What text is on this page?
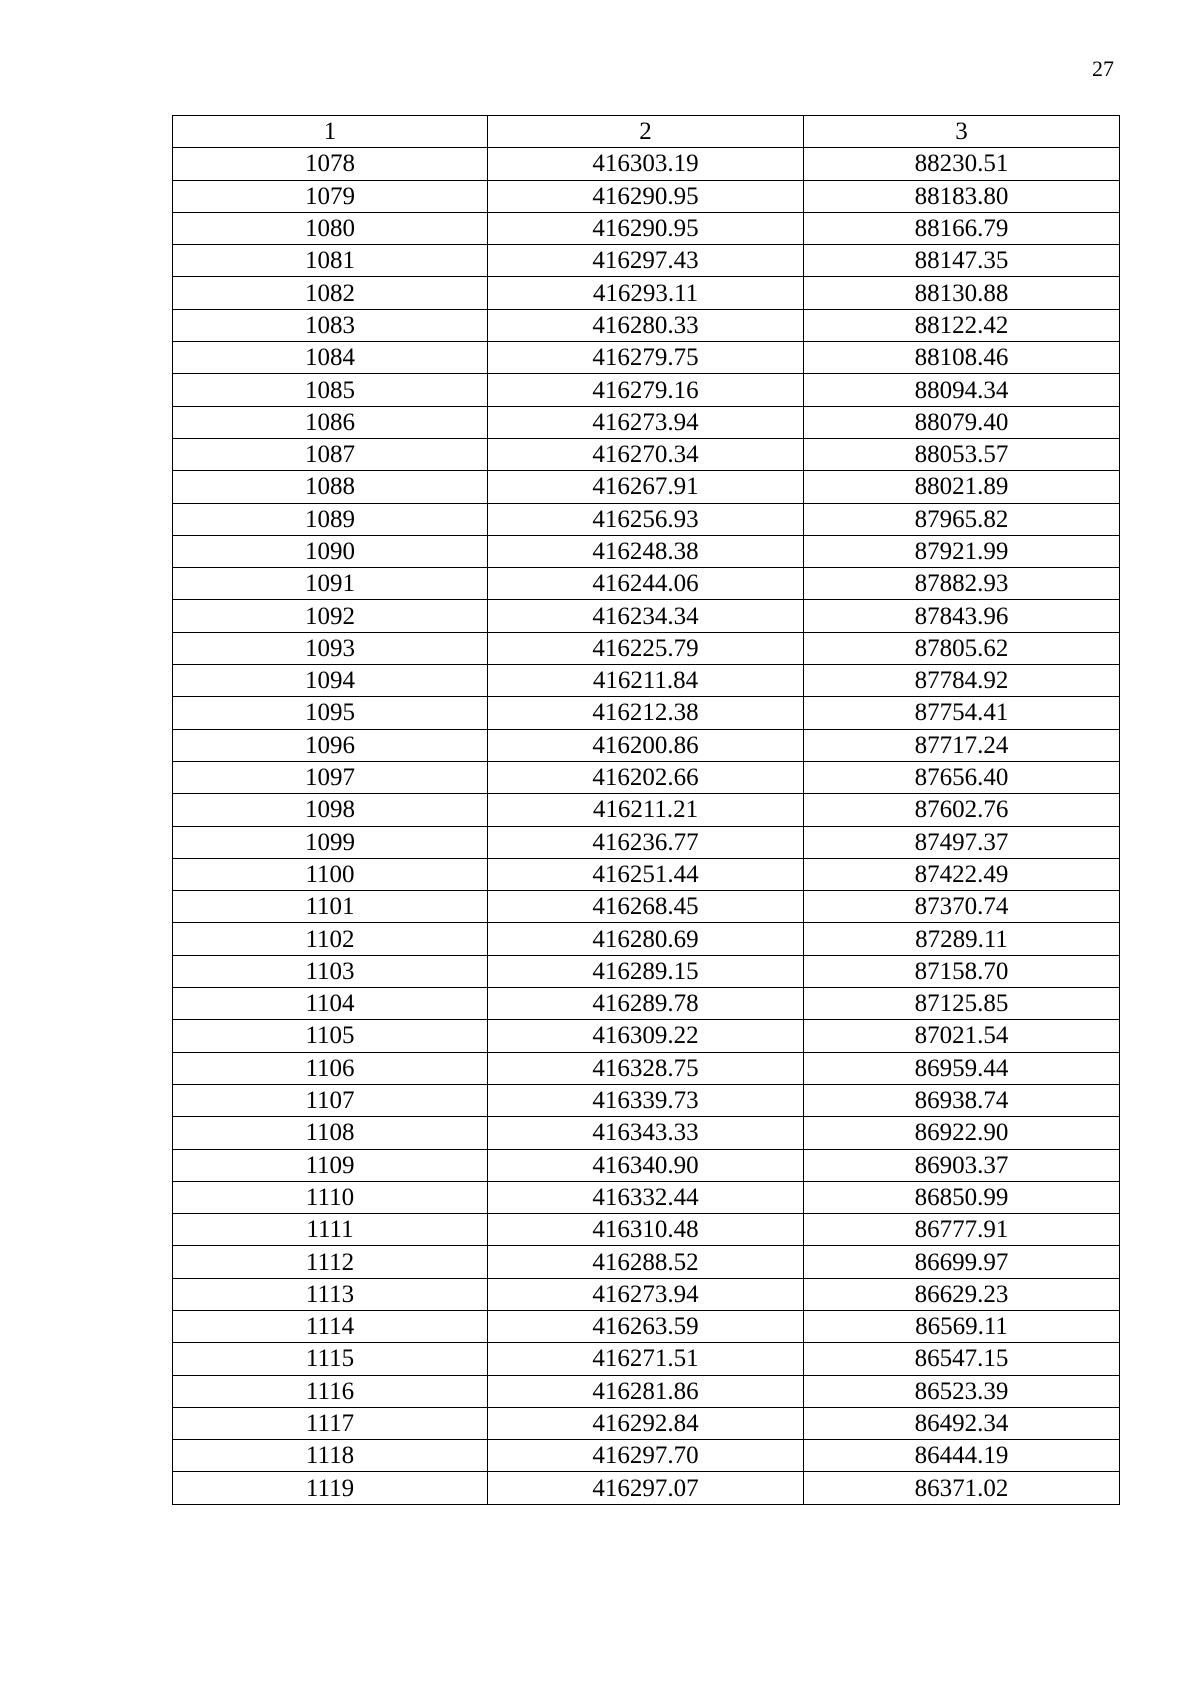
27
1	2	3
1078	416303.19	88230.51
1079	416290.95	88183.80
1080	416290.95	88166.79
1081	416297.43	88147.35
1082	416293.11	88130.88
1083	416280.33	88122.42
1084	416279.75	88108.46
1085	416279.16	88094.34
1086	416273.94	88079.40
1087	416270.34	88053.57
1088	416267.91	88021.89
1089	416256.93	87965.82
1090	416248.38	87921.99
1091	416244.06	87882.93
1092	416234.34	87843.96
1093	416225.79	87805.62
1094	416211.84	87784.92
1095	416212.38	87754.41
1096	416200.86	87717.24
1097	416202.66	87656.40
1098	416211.21	87602.76
1099	416236.77	87497.37
1100	416251.44	87422.49
1101	416268.45	87370.74
1102	416280.69	87289.11
1103	416289.15	87158.70
1104	416289.78	87125.85
1105	416309.22	87021.54
1106	416328.75	86959.44
1107	416339.73	86938.74
1108	416343.33	86922.90
1109	416340.90	86903.37
1110	416332.44	86850.99
1111	416310.48	86777.91
1112	416288.52	86699.97
1113	416273.94	86629.23
1114	416263.59	86569.11
1115	416271.51	86547.15
1116	416281.86	86523.39
1117	416292.84	86492.34
1118	416297.70	86444.19
1119	416297.07	86371.02
